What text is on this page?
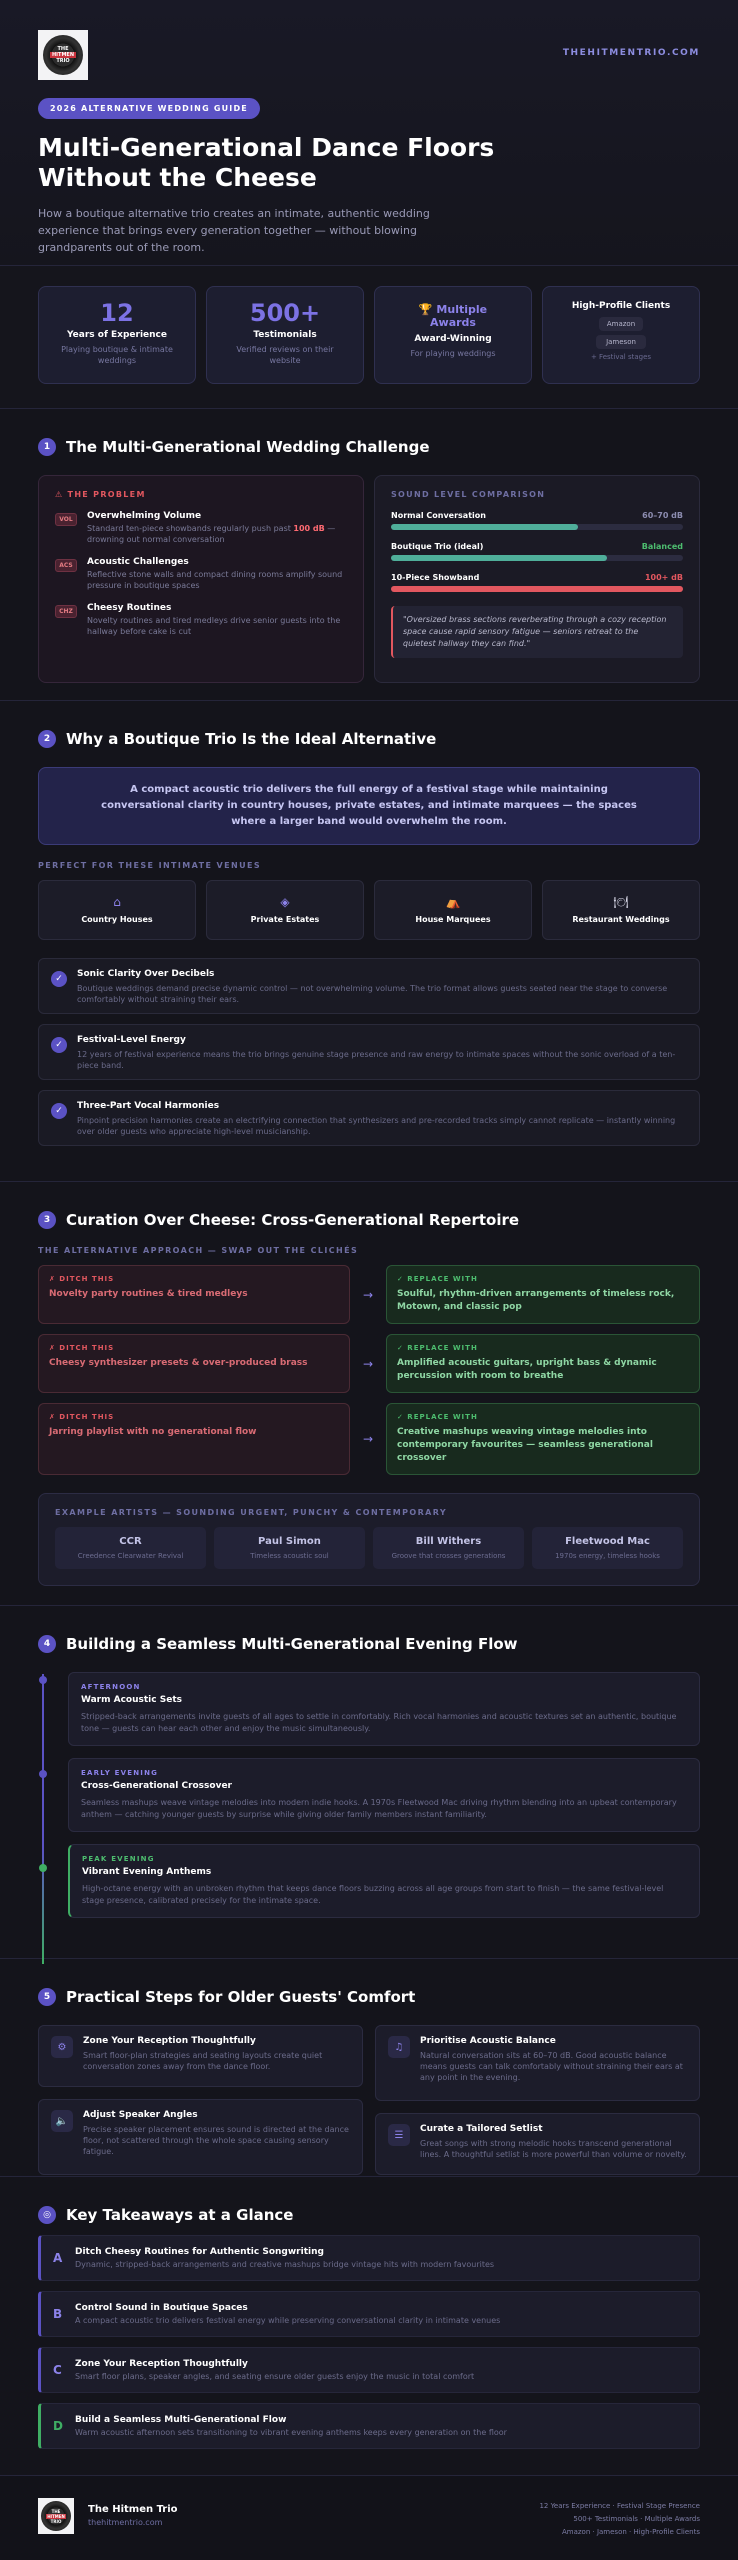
THE
HITMEN
TRIO
THEHITMENTRIO.COM
2026 ALTERNATIVE WEDDING GUIDE
Multi-Generational Dance Floors
Without the Cheese

How a boutique alternative trio creates an intimate, authentic wedding experience that brings every generation together — without blowing grandparents out of the room.

12
Years of Experience
Playing boutique & intimate weddings
500+
Testimonials
Verified reviews on their website
🏆 Multiple Awards
Award-Winning
For playing weddings
High-Profile Clients
Amazon
Jameson
+ Festival stages
1	The Multi-Generational Wedding Challenge
⚠ THE PROBLEM
VOL	Overwhelming Volume
Standard ten-piece showbands regularly push past 100 dB — drowning out normal conversation
ACS	Acoustic Challenges
Reflective stone walls and compact dining rooms amplify sound pressure in boutique spaces
CHZ	Cheesy Routines
Novelty routines and tired medleys drive senior guests into the hallway before cake is cut
SOUND LEVEL COMPARISON
Normal Conversation	60–70 dB
Boutique Trio (ideal)	Balanced
10-Piece Showband	100+ dB
"Oversized brass sections reverberating through a cozy reception space cause rapid sensory fatigue — seniors retreat to the quietest hallway they can find."
2	Why a Boutique Trio Is the Ideal Alternative
A compact acoustic trio delivers the full energy of a festival stage while maintaining conversational clarity in country houses, private estates, and intimate marquees — the spaces where a larger band would overwhelm the room.
PERFECT FOR THESE INTIMATE VENUES
⌂
Country Houses
◈
Private Estates
⛺
House Marquees
🍽
Restaurant Weddings
✓	Sonic Clarity Over Decibels
Boutique weddings demand precise dynamic control — not overwhelming volume. The trio format allows guests seated near the stage to converse comfortably without straining their ears.
✓	Festival-Level Energy
12 years of festival experience means the trio brings genuine stage presence and raw energy to intimate spaces without the sonic overload of a ten-piece band.
✓	Three-Part Vocal Harmonies
Pinpoint precision harmonies create an electrifying connection that synthesizers and pre-recorded tracks simply cannot replicate — instantly winning over older guests who appreciate high-level musicianship.
3	Curation Over Cheese: Cross-Generational Repertoire
THE ALTERNATIVE APPROACH — SWAP OUT THE CLICHÉS
✗ DITCH THIS
Novelty party routines & tired medleys	→
✓ REPLACE WITH
Soulful, rhythm-driven arrangements of timeless rock, Motown, and classic pop
✗ DITCH THIS
Cheesy synthesizer presets & over-produced brass	→
✓ REPLACE WITH
Amplified acoustic guitars, upright bass & dynamic percussion with room to breathe
✗ DITCH THIS
Jarring playlist with no generational flow	→
✓ REPLACE WITH
Creative mashups weaving vintage melodies into contemporary favourites — seamless generational crossover
EXAMPLE ARTISTS — SOUNDING URGENT, PUNCHY & CONTEMPORARY
CCR
Creedence Clearwater Revival
Paul Simon
Timeless acoustic soul
Bill Withers
Groove that crosses generations
Fleetwood Mac
1970s energy, timeless hooks
4	Building a Seamless Multi-Generational Evening Flow
AFTERNOON
Warm Acoustic Sets
Stripped-back arrangements invite guests of all ages to settle in comfortably. Rich vocal harmonies and acoustic textures set an authentic, boutique tone — guests can hear each other and enjoy the music simultaneously.
EARLY EVENING
Cross-Generational Crossover
Seamless mashups weave vintage melodies into modern indie hooks. A 1970s Fleetwood Mac driving rhythm blending into an upbeat contemporary anthem — catching younger guests by surprise while giving older family members instant familiarity.
PEAK EVENING
Vibrant Evening Anthems
High-octane energy with an unbroken rhythm that keeps dance floors buzzing across all age groups from start to finish — the same festival-level stage presence, calibrated precisely for the intimate space.
5	Practical Steps for Older Guests' Comfort
⚙
Zone Your Reception Thoughtfully
Smart floor-plan strategies and seating layouts create quiet conversation zones away from the dance floor.
🔈
Adjust Speaker Angles
Precise speaker placement ensures sound is directed at the dance floor, not scattered through the whole space causing sensory fatigue.
♫
Prioritise Acoustic Balance
Natural conversation sits at 60–70 dB. Good acoustic balance means guests can talk comfortably without straining their ears at any point in the evening.
☰
Curate a Tailored Setlist
Great songs with strong melodic hooks transcend generational lines. A thoughtful setlist is more powerful than volume or novelty.
◎	Key Takeaways at a Glance
A	Ditch Cheesy Routines for Authentic Songwriting
Dynamic, stripped-back arrangements and creative mashups bridge vintage hits with modern favourites
B	Control Sound in Boutique Spaces
A compact acoustic trio delivers festival energy while preserving conversational clarity in intimate venues
C	Zone Your Reception Thoughtfully
Smart floor plans, speaker angles, and seating ensure older guests enjoy the music in total comfort
D	Build a Seamless Multi-Generational Flow
Warm acoustic afternoon sets transitioning to vibrant evening anthems keeps every generation on the floor
THE
HITMEN
TRIO
The Hitmen Trio
thehitmentrio.com
12 Years Experience · Festival Stage Presence
500+ Testimonials · Multiple Awards
Amazon · Jameson · High-Profile Clients
